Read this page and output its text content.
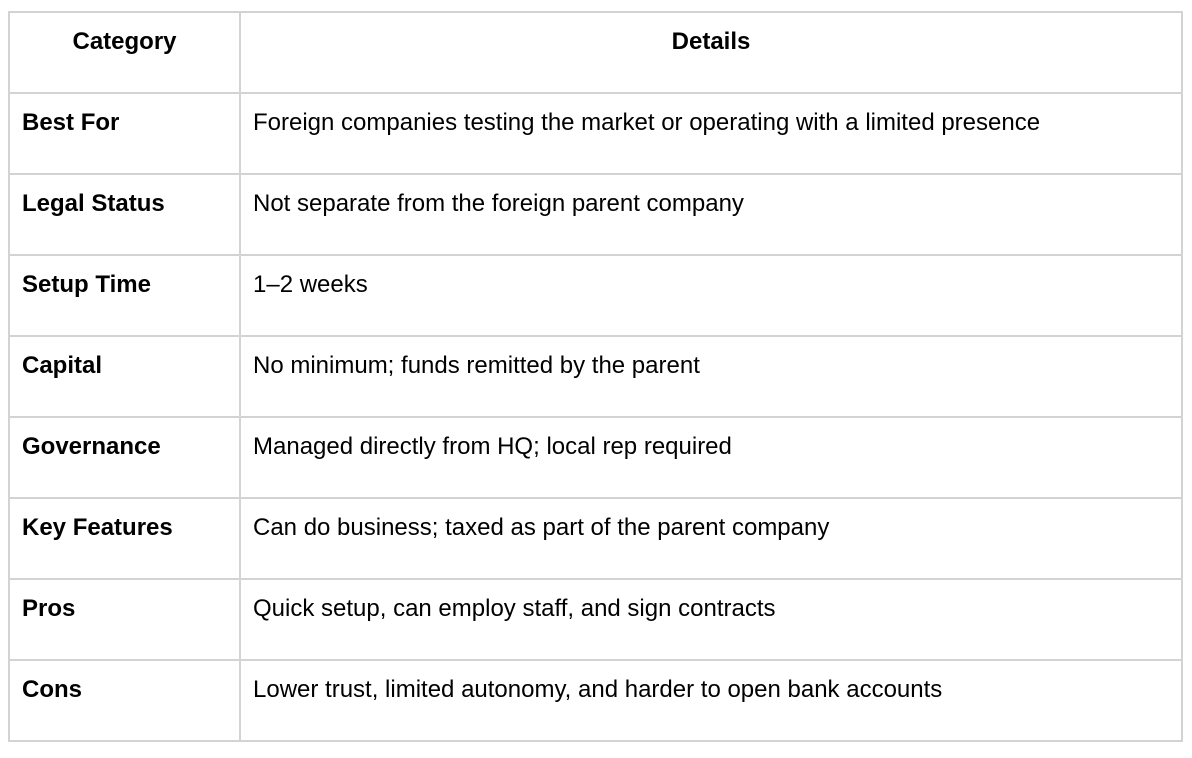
Category	Details
Best For	Foreign companies testing the market or operating with a limited presence
Legal Status	Not separate from the foreign parent company
Setup Time	1–2 weeks
Capital	No minimum; funds remitted by the parent
Governance	Managed directly from HQ; local rep required
Key Features	Can do business; taxed as part of the parent company
Pros	Quick setup, can employ staff, and sign contracts
Cons	Lower trust, limited autonomy, and harder to open bank accounts
